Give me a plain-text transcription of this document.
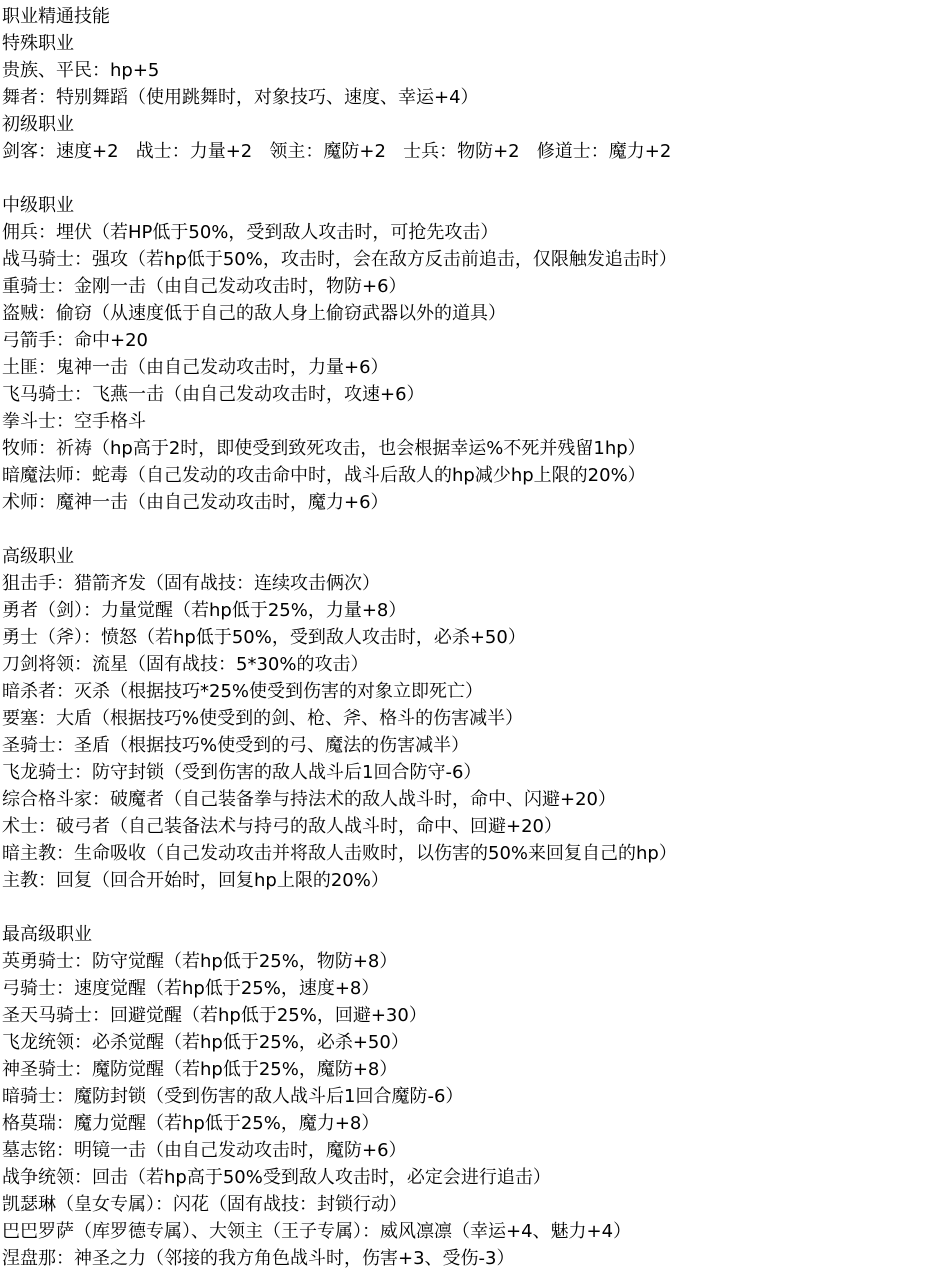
职业精通技能
特殊职业
贵族、平民：hp+5
舞者：特别舞蹈（使用跳舞时，对象技巧、速度、幸运+4）
初级职业
剑客：速度+2   战士：力量+2   领主：魔防+2   士兵：物防+2   修道士：魔力+2
中级职业
佣兵：埋伏（若HP低于50%，受到敌人攻击时，可抢先攻击）
战马骑士：强攻（若hp低于50%，攻击时，会在敌方反击前追击，仅限触发追击时）
重骑士：金刚一击（由自己发动攻击时，物防+6）
盗贼：偷窃（从速度低于自己的敌人身上偷窃武器以外的道具）
弓箭手：命中+20
土匪：鬼神一击（由自己发动攻击时，力量+6）
飞马骑士：飞燕一击（由自己发动攻击时，攻速+6）
拳斗士：空手格斗
牧师：祈祷（hp高于2时，即使受到致死攻击，也会根据幸运%不死并残留1hp）
暗魔法师：蛇毒（自己发动的攻击命中时，战斗后敌人的hp减少hp上限的20%）
术师：魔神一击（由自己发动攻击时，魔力+6）
高级职业
狙击手：猎箭齐发（固有战技：连续攻击俩次）
勇者（剑）：力量觉醒（若hp低于25%，力量+8）
勇士（斧）：愤怒（若hp低于50%，受到敌人攻击时，必杀+50）
刀剑将领：流星（固有战技：5*30%的攻击）
暗杀者：灭杀（根据技巧*25%使受到伤害的对象立即死亡）
要塞：大盾（根据技巧%使受到的剑、枪、斧、格斗的伤害减半）
圣骑士：圣盾（根据技巧%使受到的弓、魔法的伤害减半）
飞龙骑士：防守封锁（受到伤害的敌人战斗后1回合防守-6）
综合格斗家：破魔者（自己装备拳与持法术的敌人战斗时，命中、闪避+20）
术士：破弓者（自己装备法术与持弓的敌人战斗时，命中、回避+20）
暗主教：生命吸收（自己发动攻击并将敌人击败时，以伤害的50%来回复自己的hp）
主教：回复（回合开始时，回复hp上限的20%）
最高级职业
英勇骑士：防守觉醒（若hp低于25%，物防+8）
弓骑士：速度觉醒（若hp低于25%，速度+8）
圣天马骑士：回避觉醒（若hp低于25%，回避+30）
飞龙统领：必杀觉醒（若hp低于25%，必杀+50）
神圣骑士：魔防觉醒（若hp低于25%，魔防+8）
暗骑士：魔防封锁（受到伤害的敌人战斗后1回合魔防-6）
格莫瑞：魔力觉醒（若hp低于25%，魔力+8）
墓志铭：明镜一击（由自己发动攻击时，魔防+6）
战争统领：回击（若hp高于50%受到敌人攻击时，必定会进行追击）
凯瑟琳（皇女专属）：闪花（固有战技：封锁行动）
巴巴罗萨（库罗德专属）、大领主（王子专属）：威风凛凛（幸运+4、魅力+4）
涅盘那：神圣之力（邻接的我方角色战斗时，伤害+3、受伤-3）
